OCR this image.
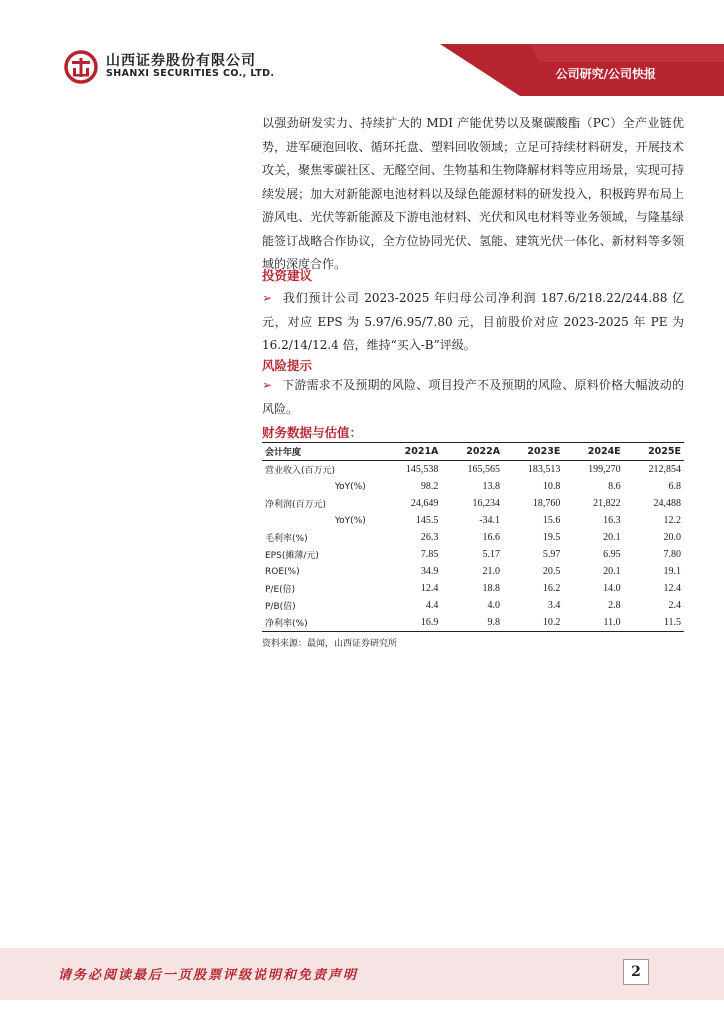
山西证券股份有限公司
SHANXI SECURITIES CO., LTD.	公司研究/公司快报
以强劲研发实力、持续扩大的 MDI 产能优势以及聚碳酸酯（PC）全产业链优势，进军硬泡回收、循环托盘、塑料回收领域；立足可持续材料研发，开展技术攻关，聚焦零碳社区、无醛空间、生物基和生物降解材料等应用场景，实现可持续发展；加大对新能源电池材料以及绿色能源材料的研发投入，积极跨界布局上游风电、光伏等新能源及下游电池材料、光伏和风电材料等业务领域，与隆基绿能签订战略合作协议，全方位协同光伏、氢能、建筑光伏一体化、新材料等多领域的深度合作。
投资建议
➢ 我们预计公司 2023-2025 年归母公司净利润 187.6/218.22/244.88 亿元，对应 EPS 为 5.97/6.95/7.80 元，目前股价对应 2023-2025 年 PE 为 16.2/14/12.4 倍，维持“买入-B”评级。
风险提示
➢ 下游需求不及预期的风险、项目投产不及预期的风险、原料价格大幅波动的风险。
财务数据与估值：
会计年度	2021A	2022A	2023E	2024E	2025E
营业收入(百万元)	145,538	165,565	183,513	199,270	212,854
YoY(%)	98.2	13.8	10.8	8.6	6.8
净利润(百万元)	24,649	16,234	18,760	21,822	24,488
YoY(%)	145.5	-34.1	15.6	16.3	12.2
毛利率(%)	26.3	16.6	19.5	20.1	20.0
EPS(摊薄/元)	7.85	5.17	5.97	6.95	7.80
ROE(%)	34.9	21.0	20.5	20.1	19.1
P/E(倍)	12.4	18.8	16.2	14.0	12.4
P/B(倍)	4.4	4.0	3.4	2.8	2.4
净利率(%)	16.9	9.8	10.2	11.0	11.5
资料来源：最闻，山西证券研究所
请务必阅读最后一页股票评级说明和免责声明	2
